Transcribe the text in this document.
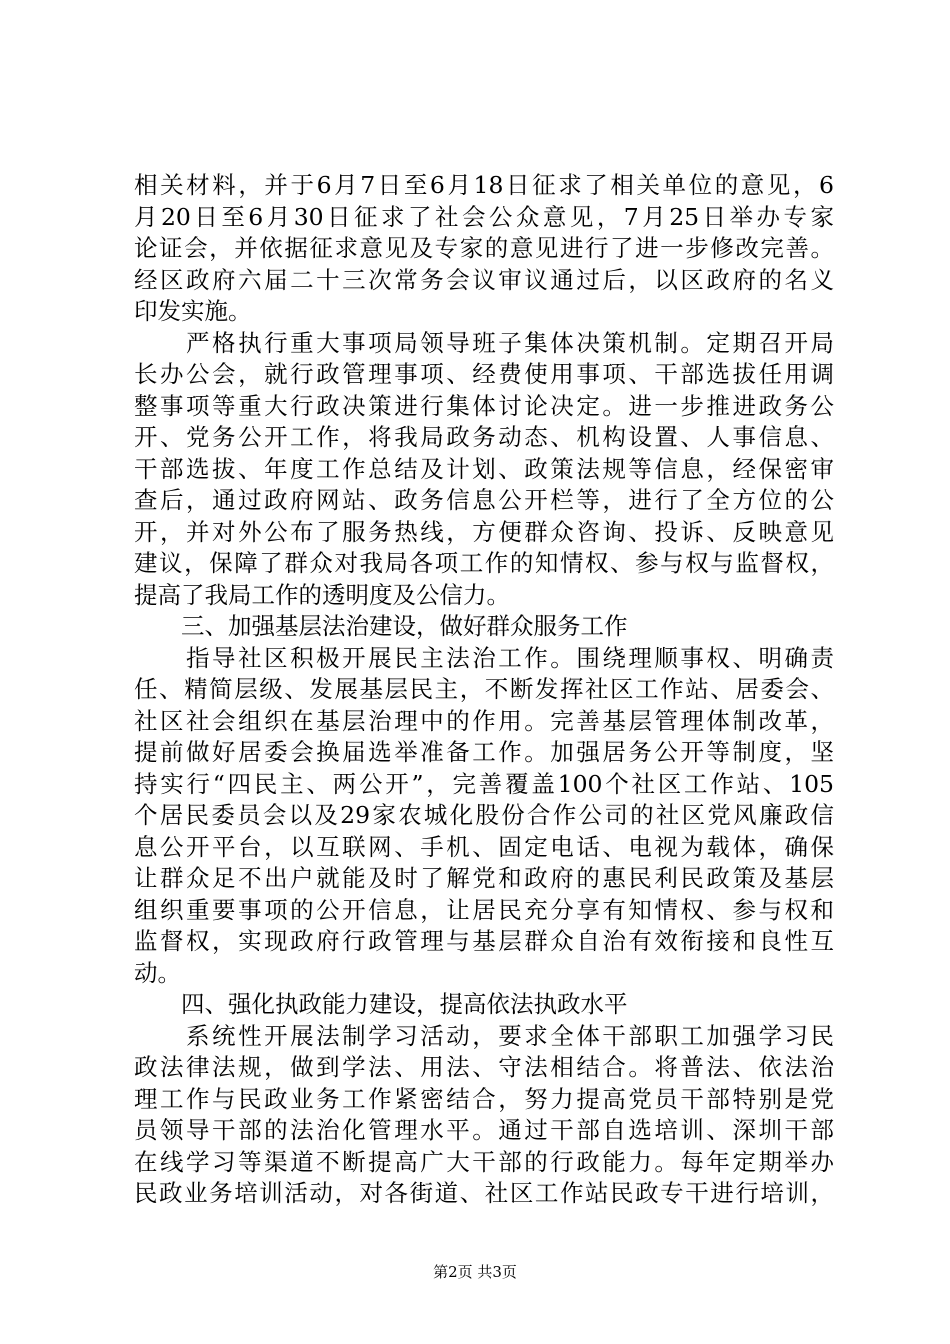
相关材料，并于6月7日至6月18日征求了相关单位的意见，6
月20日至6月30日征求了社会公众意见，7月25日举办专家
论证会，并依据征求意见及专家的意见进行了进一步修改完善。
经区政府六届二十三次常务会议审议通过后，以区政府的名义
印发实施。
　　严格执行重大事项局领导班子集体决策机制。定期召开局
长办公会，就行政管理事项、经费使用事项、干部选拔任用调
整事项等重大行政决策进行集体讨论决定。进一步推进政务公
开、党务公开工作，将我局政务动态、机构设置、人事信息、
干部选拔、年度工作总结及计划、政策法规等信息，经保密审
查后，通过政府网站、政务信息公开栏等，进行了全方位的公
开，并对外公布了服务热线，方便群众咨询、投诉、反映意见
建议，保障了群众对我局各项工作的知情权、参与权与监督权，
提高了我局工作的透明度及公信力。
　　三、加强基层法治建设，做好群众服务工作
　　指导社区积极开展民主法治工作。围绕理顺事权、明确责
任、精简层级、发展基层民主，不断发挥社区工作站、居委会、
社区社会组织在基层治理中的作用。完善基层管理体制改革，
提前做好居委会换届选举准备工作。加强居务公开等制度，坚
持实行“四民主、两公开”，完善覆盖100个社区工作站、105
个居民委员会以及29家农城化股份合作公司的社区党风廉政信
息公开平台，以互联网、手机、固定电话、电视为载体，确保
让群众足不出户就能及时了解党和政府的惠民利民政策及基层
组织重要事项的公开信息，让居民充分享有知情权、参与权和
监督权，实现政府行政管理与基层群众自治有效衔接和良性互
动。
　　四、强化执政能力建设，提高依法执政水平
　　系统性开展法制学习活动，要求全体干部职工加强学习民
政法律法规，做到学法、用法、守法相结合。将普法、依法治
理工作与民政业务工作紧密结合，努力提高党员干部特别是党
员领导干部的法治化管理水平。通过干部自选培训、深圳干部
在线学习等渠道不断提高广大干部的行政能力。每年定期举办
民政业务培训活动，对各街道、社区工作站民政专干进行培训，
第2页 共3页
